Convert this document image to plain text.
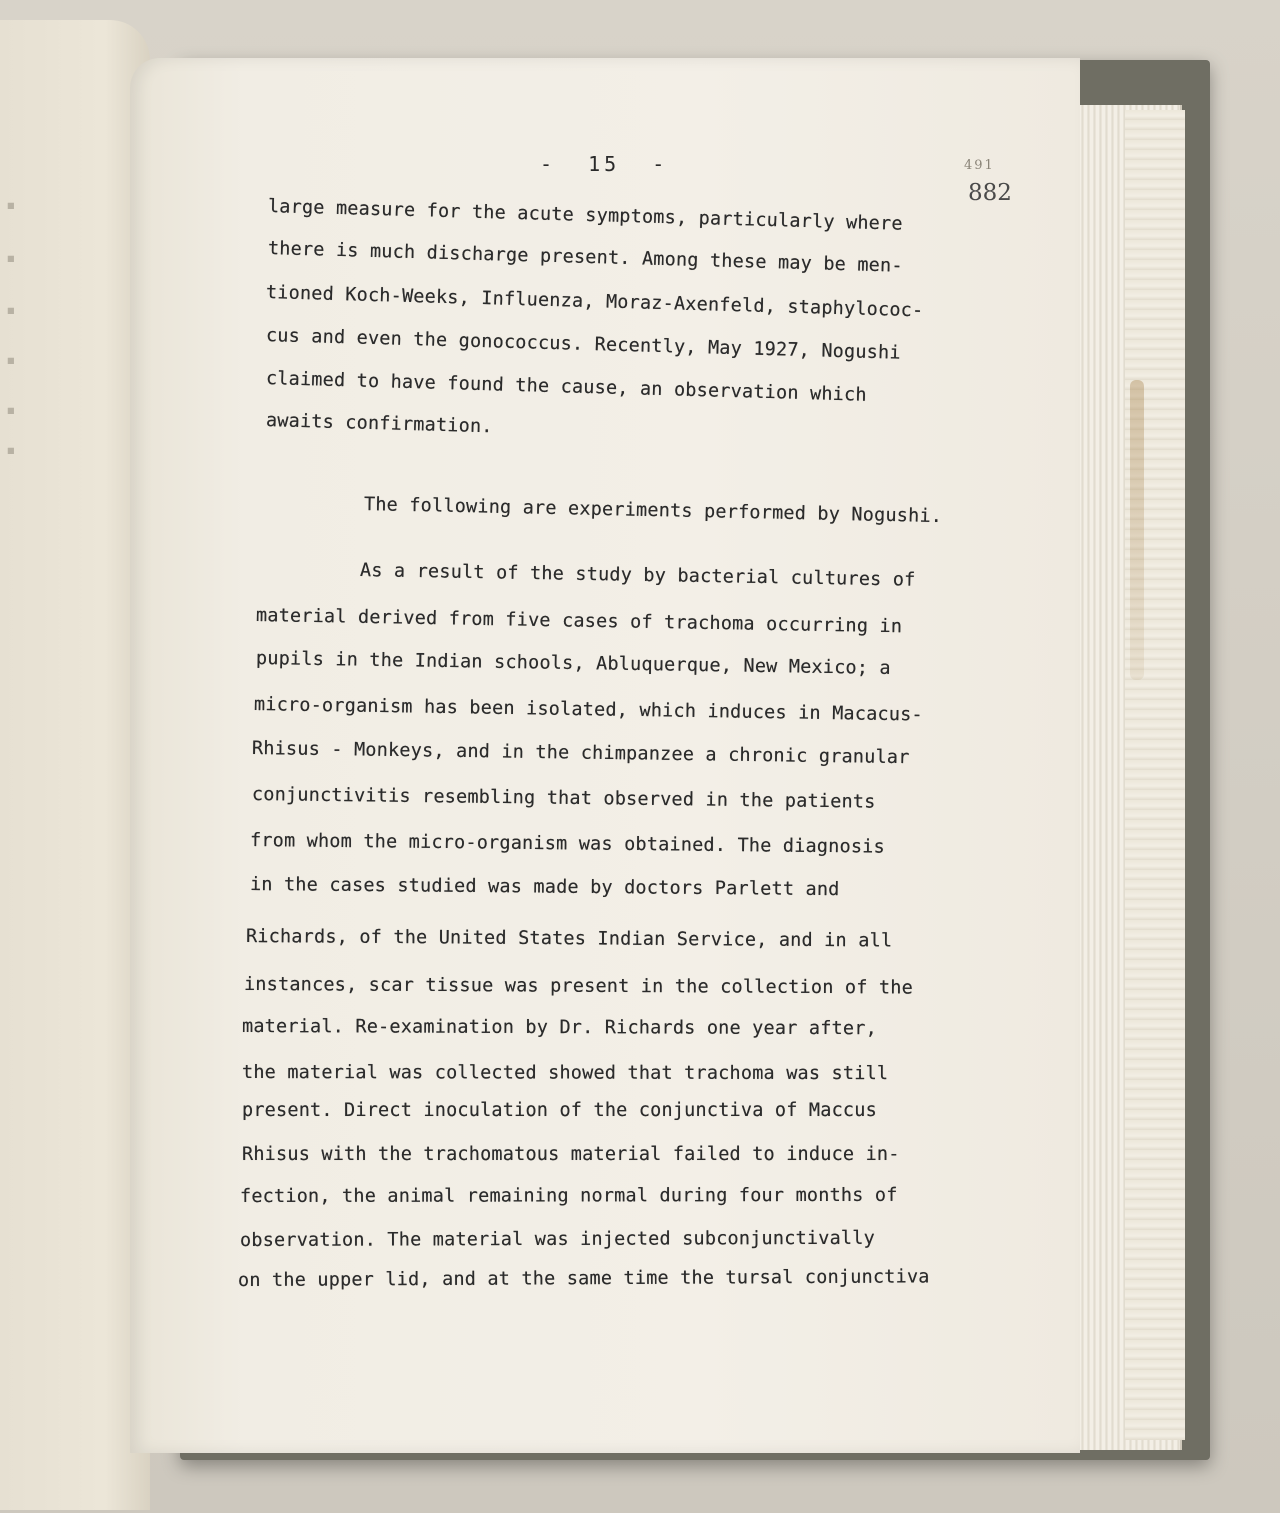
▪
▪
▪
▪
▪
▪
-  15  -	491
882
large measure for the acute symptoms, particularly where
there is much discharge present. Among these may be men-
tioned Koch-Weeks, Influenza, Moraz-Axenfeld, staphylococ-
cus and even the gonococcus. Recently, May 1927, Nogushi
claimed to have found the cause, an observation which
awaits confirmation.
The following are experiments performed by Nogushi.
As a result of the study by bacterial cultures of
material derived from five cases of trachoma occurring in
pupils in the Indian schools, Abluquerque, New Mexico; a
micro-organism has been isolated, which induces in Macacus-
Rhisus - Monkeys, and in the chimpanzee a chronic granular
conjunctivitis resembling that observed in the patients
from whom the micro-organism was obtained. The diagnosis
in the cases studied was made by doctors Parlett and
Richards, of the United States Indian Service, and in all
instances, scar tissue was present in the collection of the
material. Re-examination by Dr. Richards one year after,
the material was collected showed that trachoma was still
present. Direct inoculation of the conjunctiva of Maccus
Rhisus with the trachomatous material failed to induce in-
fection, the animal remaining normal during four months of
observation. The material was injected subconjunctivally
on the upper lid, and at the same time the tursal conjunctiva
